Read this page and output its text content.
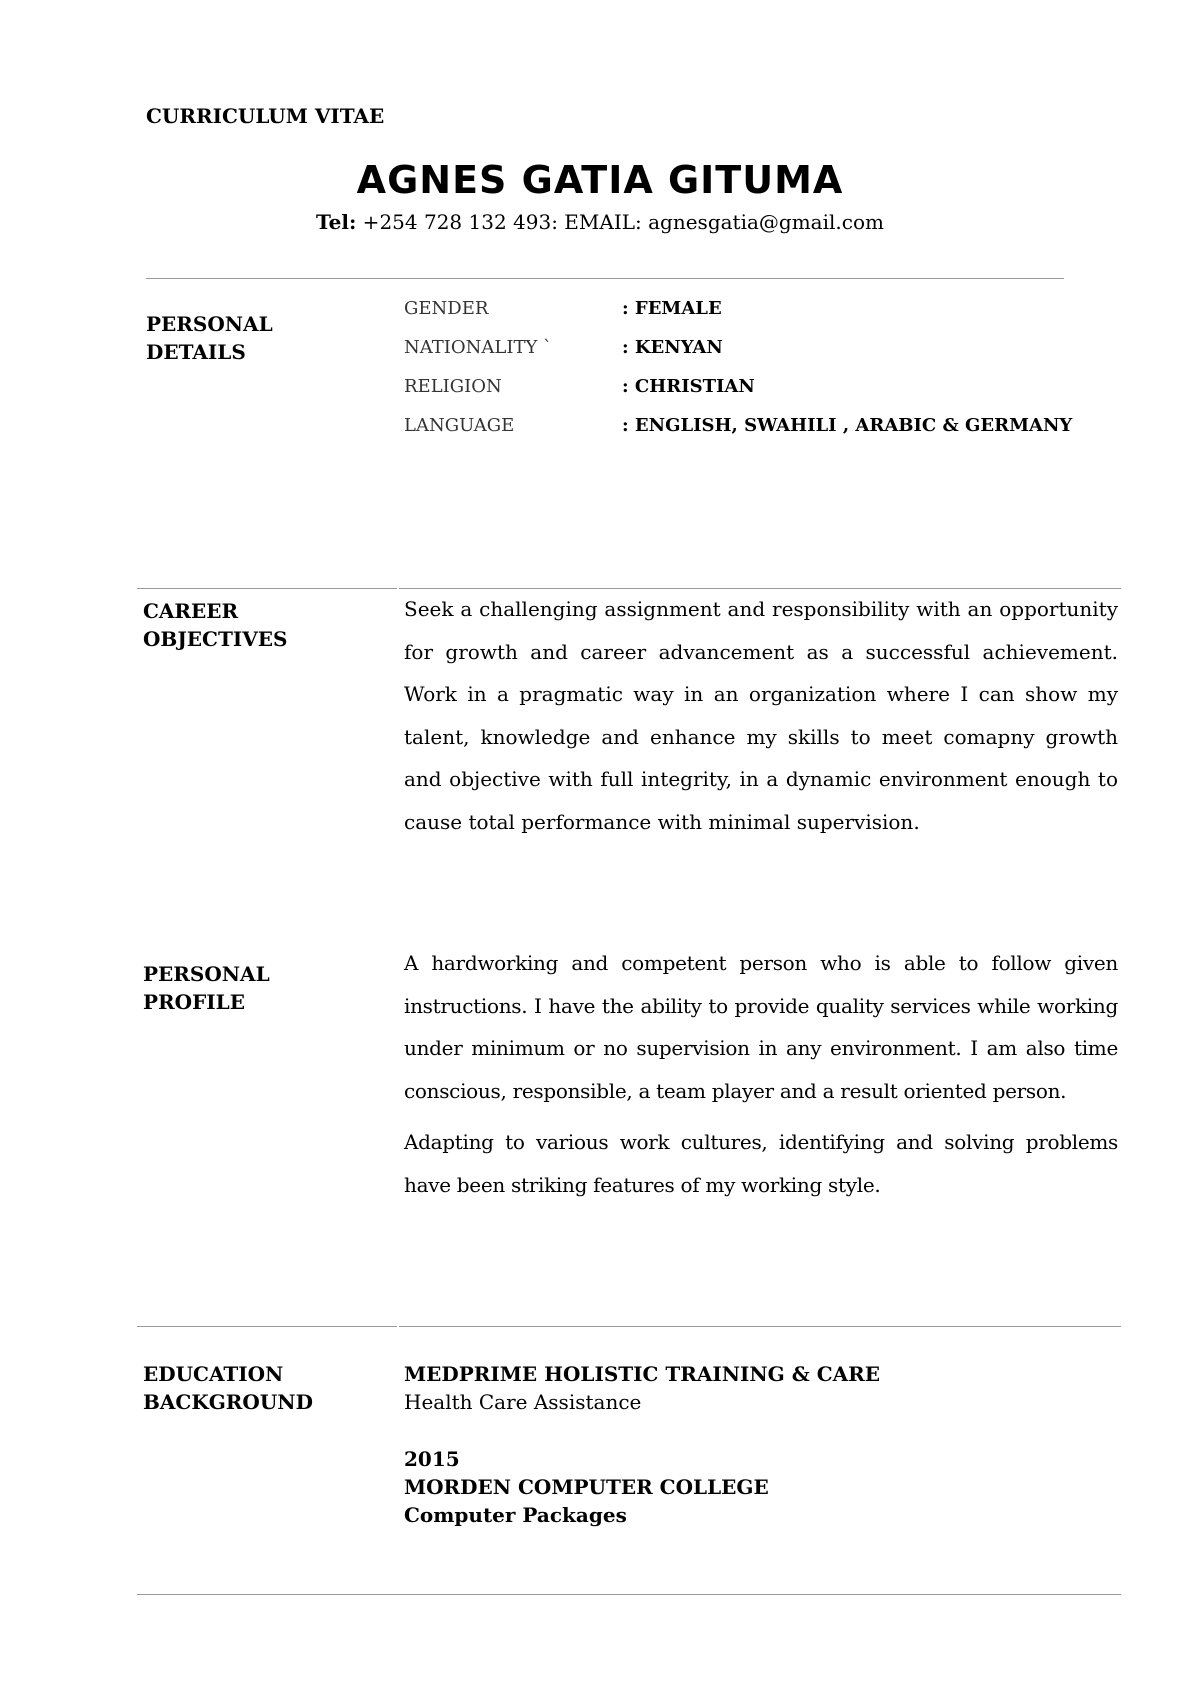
CURRICULUM VITAE
AGNES GATIA GITUMA
Tel: +254 728 132 493: EMAIL: agnesgatia@gmail.com
PERSONAL
DETAILS
GENDER	: FEMALE
NATIONALITY `	: KENYAN
RELIGION	: CHRISTIAN
LANGUAGE	: ENGLISH, SWAHILI , ARABIC & GERMANY
CAREER
OBJECTIVES
Seek a challenging assignment and responsibility with an opportunity for growth and career advancement as a successful achievement. Work in a pragmatic way in an organization where I can show my talent, knowledge and enhance my skills to meet comapny growth and objective with full integrity, in a dynamic environment enough to cause total performance with minimal supervision.
PERSONAL
PROFILE
A hardworking and competent person who is able to follow given instructions. I have the ability to provide quality services while working under minimum or no supervision in any environment. I am also time conscious, responsible, a team player and a result oriented person.
Adapting to various work cultures, identifying and solving problems have been striking features of my working style.
EDUCATION
BACKGROUND
MEDPRIME HOLISTIC TRAINING & CARE
Health Care Assistance
2015
MORDEN COMPUTER COLLEGE
Computer Packages
